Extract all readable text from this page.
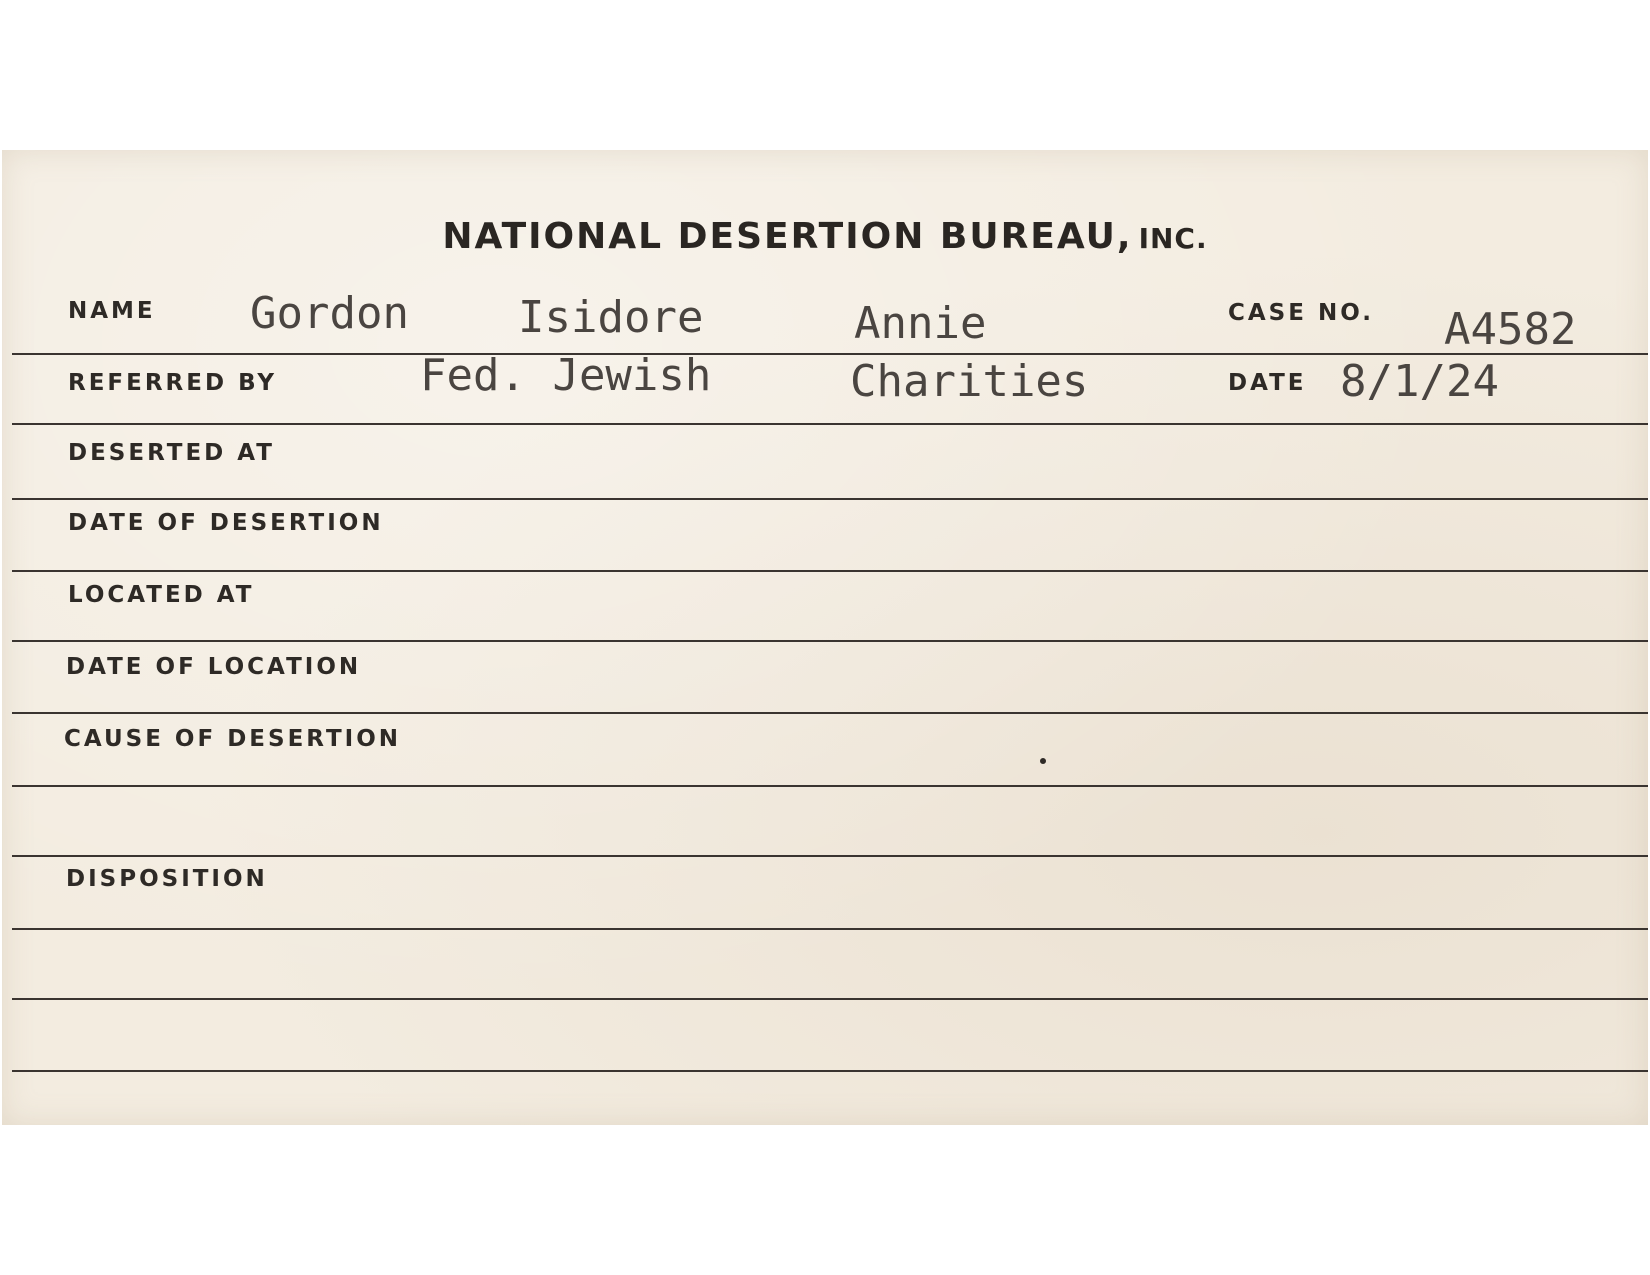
NATIONAL DESERTION BUREAU, INC.
NAME Gordon Isidore	Annie	CASE NO. A4582
REFERRED BY	Fed. Jewish	Charities	DATE 8/1/24
DESERTED AT
DATE OF DESERTION
LOCATED AT
DATE OF LOCATION
CAUSE OF DESERTION
DISPOSITION
